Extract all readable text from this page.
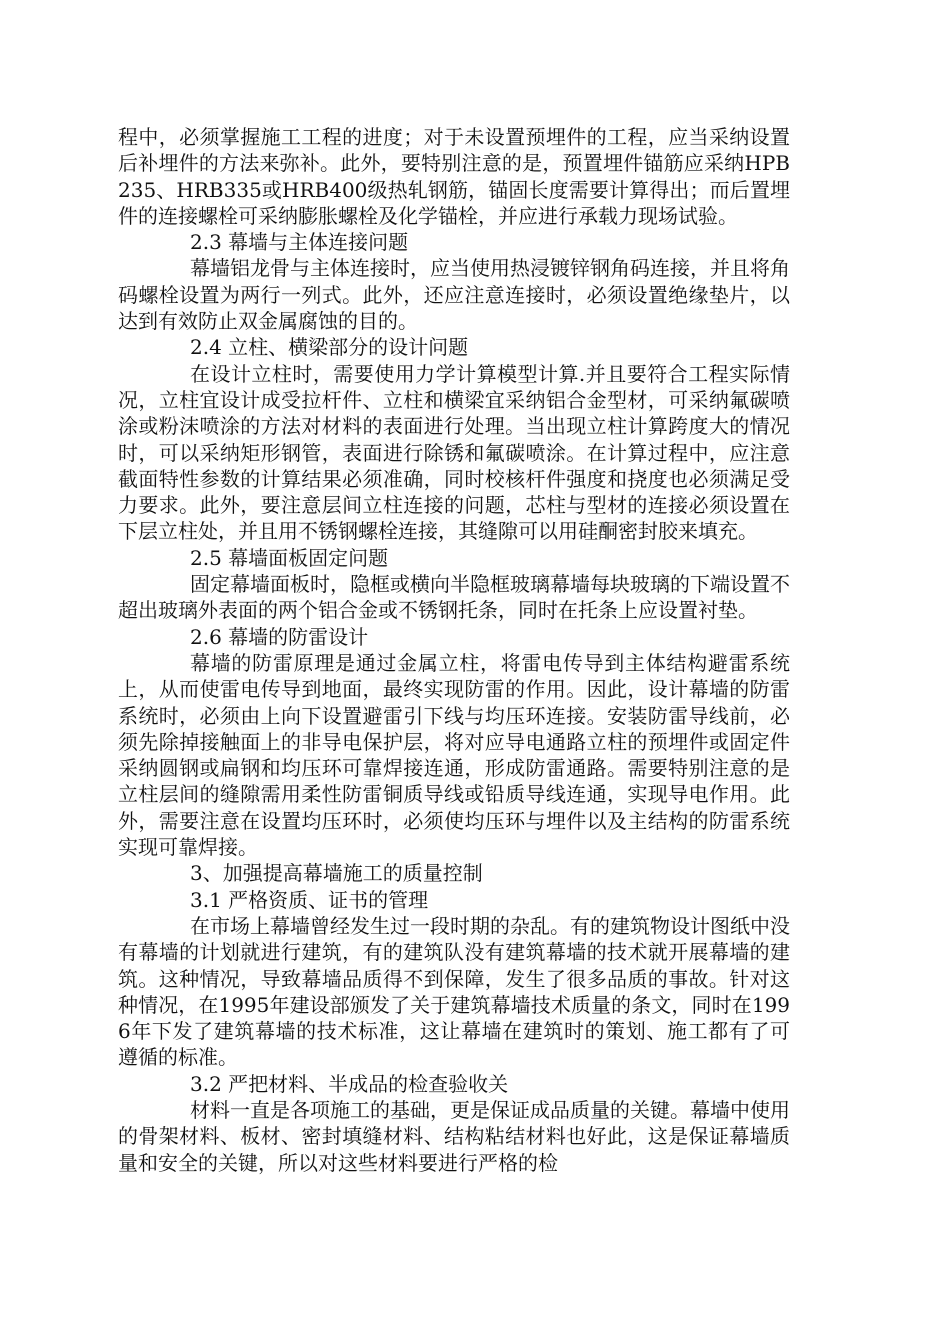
程中，必须掌握施工工程的进度；对于未设置预埋件的工程，应当采纳设置后补埋件的方法来弥补。此外，要特别注意的是，预置埋件锚筋应采纳HPB235、HRB335或HRB400级热轧钢筋，锚固长度需要计算得出；而后置埋件的连接螺栓可采纳膨胀螺栓及化学锚栓，并应进行承载力现场试验。

2.3 幕墙与主体连接问题

幕墙铝龙骨与主体连接时，应当使用热浸镀锌钢角码连接，并且将角码螺栓设置为两行一列式。此外，还应注意连接时，必须设置绝缘垫片，以达到有效防止双金属腐蚀的目的。

2.4 立柱、横梁部分的设计问题

在设计立柱时，需要使用力学计算模型计算.并且要符合工程实际情况，立柱宜设计成受拉杆件、立柱和横梁宜采纳铝合金型材，可采纳氟碳喷涂或粉沫喷涂的方法对材料的表面进行处理。当出现立柱计算跨度大的情况时，可以采纳矩形钢管，表面进行除锈和氟碳喷涂。在计算过程中，应注意截面特性参数的计算结果必须准确，同时校核杆件强度和挠度也必须满足受力要求。此外，要注意层间立柱连接的问题，芯柱与型材的连接必须设置在下层立柱处，并且用不锈钢螺栓连接，其缝隙可以用硅酮密封胶来填充。

2.5 幕墙面板固定问题

固定幕墙面板时，隐框或横向半隐框玻璃幕墙每块玻璃的下端设置不超出玻璃外表面的两个铝合金或不锈钢托条，同时在托条上应设置衬垫。

2.6 幕墙的防雷设计

幕墙的防雷原理是通过金属立柱，将雷电传导到主体结构避雷系统上，从而使雷电传导到地面，最终实现防雷的作用。因此，设计幕墙的防雷系统时，必须由上向下设置避雷引下线与均压环连接。安装防雷导线前，必须先除掉接触面上的非导电保护层，将对应导电通路立柱的预埋件或固定件采纳圆钢或扁钢和均压环可靠焊接连通，形成防雷通路。需要特别注意的是立柱层间的缝隙需用柔性防雷铜质导线或铅质导线连通，实现导电作用。此外，需要注意在设置均压环时，必须使均压环与埋件以及主结构的防雷系统实现可靠焊接。

3、加强提高幕墙施工的质量控制

3.1 严格资质、证书的管理

在市场上幕墙曾经发生过一段时期的杂乱。有的建筑物设计图纸中没有幕墙的计划就进行建筑，有的建筑队没有建筑幕墙的技术就开展幕墙的建筑。这种情况，导致幕墙品质得不到保障，发生了很多品质的事故。针对这种情况，在1995年建设部颁发了关于建筑幕墙技术质量的条文，同时在1996年下发了建筑幕墙的技术标准，这让幕墙在建筑时的策划、施工都有了可遵循的标准。

3.2 严把材料、半成品的检查验收关

材料一直是各项施工的基础，更是保证成品质量的关键。幕墙中使用的骨架材料、板材、密封填缝材料、结构粘结材料也好此，这是保证幕墙质量和安全的关键，所以对这些材料要进行严格的检
